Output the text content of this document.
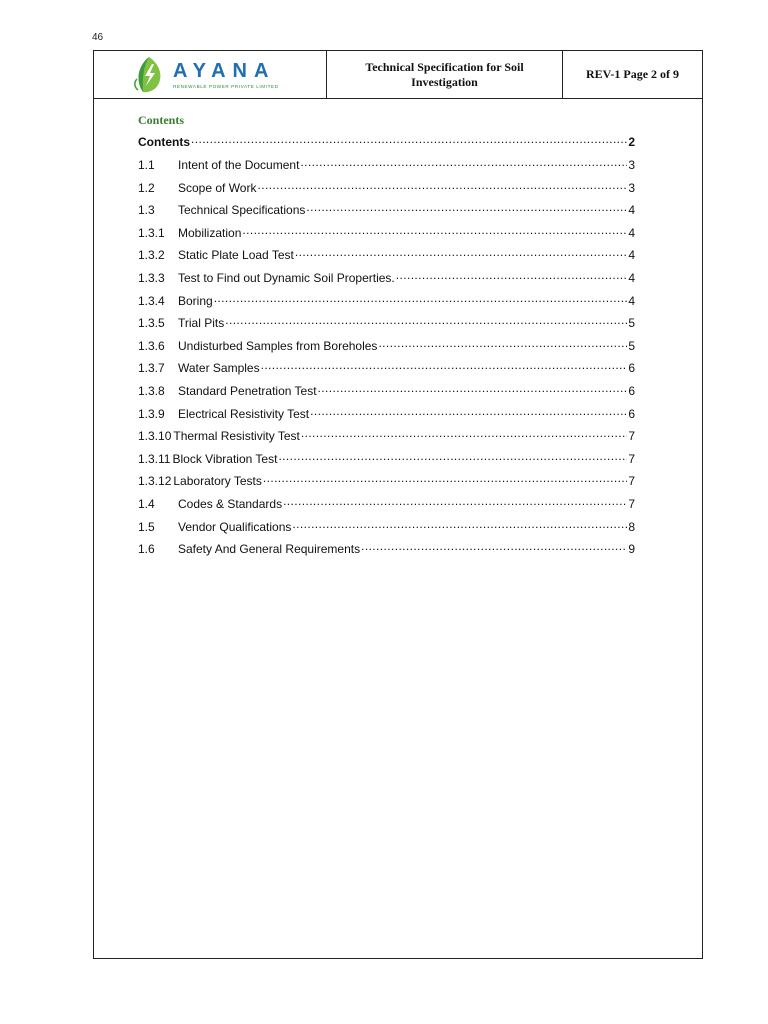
46
AYANA
RENEWABLE POWER PRIVATE LIMITED
Technical Specification for Soil Investigation
REV-1 Page 2 of 9
Contents
Contents .....	2
1.1	Intent of the Document .....	3
1.2	Scope of Work .....	3
1.3	Technical Specifications .....	4
1.3.1	Mobilization .....	4
1.3.2	Static Plate Load Test .....	4
1.3.3	Test to Find out Dynamic Soil Properties. .....	4
1.3.4	Boring .....	4
1.3.5	Trial Pits .....	5
1.3.6	Undisturbed Samples from Boreholes .....	5
1.3.7	Water Samples .....	6
1.3.8	Standard Penetration Test .....	6
1.3.9	Electrical Resistivity Test .....	6
1.3.10 Thermal Resistivity Test .....	7
1.3.11 Block Vibration Test .....	7
1.3.12 Laboratory Tests .....	7
1.4	Codes & Standards .....	7
1.5	Vendor Qualifications .....	8
1.6	Safety And General Requirements .....	9
